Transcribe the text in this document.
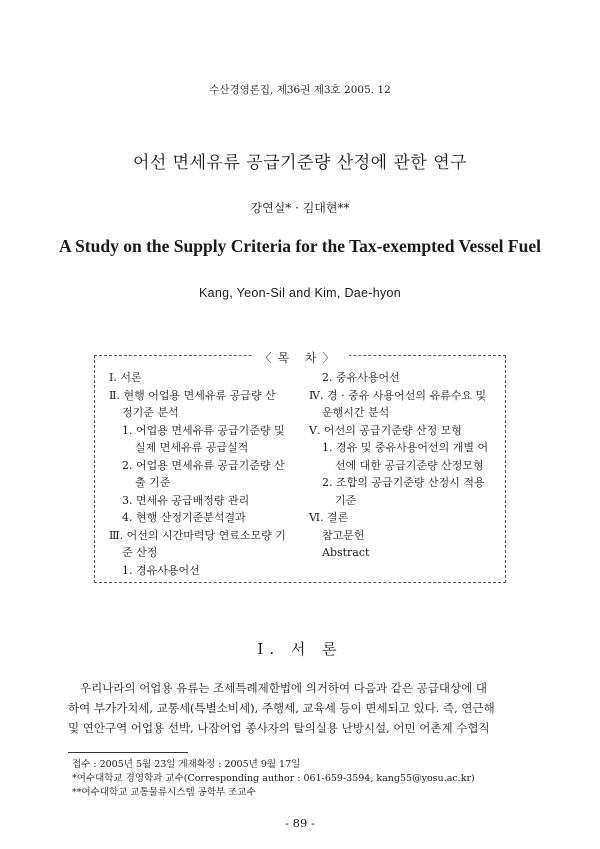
수산경영론집, 제36권 제3호 2005. 12
어선 면세유류 공급기준량 산정에 관한 연구
강연실* · 김대현**
A Study on the Supply Criteria for the Tax-exempted Vessel Fuel
Kang, Yeon-Sil and Kim, Dae-hyon
〈목 차〉
Ⅰ. 서론
Ⅱ. 현행 어업용 면세유류 공급량 산
정기준 분석
1. 어업용 면세유류 공급기준량 및
실제 면세유류 공급실적
2. 어업용 면세유류 공급기준량 산
출 기준
3. 면세유 공급배정량 관리
4. 현행 산정기준분석결과
Ⅲ. 어선의 시간마력당 연료소모량 기
준 산정
1. 경유사용어선
2. 중유사용어선
Ⅳ. 경 · 중유 사용어선의 유류수요 및
운행시간 분석
Ⅴ. 어선의 공급기준량 산정 모형
1. 경유 및 중유사용어선의 개별 어
선에 대한 공급기준량 산정모형
2. 조합의 공급기준량 산정시 적용
기준
Ⅵ. 결론
참고문헌
Abstract
Ⅰ. 서 론
우리나라의 어업용 유류는 조세특례제한법에 의거하여 다음과 같은 공급대상에 대
하여 부가가치세, 교통세(특별소비세), 주행세, 교육세 등이 면세되고 있다. 즉, 연근해
및 연안구역 어업용 선박, 나잠어업 종사자의 탈의실용 난방시설, 어민 어촌계 수협직
접수 : 2005년 5월 23일 게재확정 : 2005년 9월 17일
*여수대학교 경영학과 교수(Corresponding author : 061-659-3594, kang55@yosu.ac.kr)
**여수대학교 교통물류시스템 공학부 조교수
- 89 -
